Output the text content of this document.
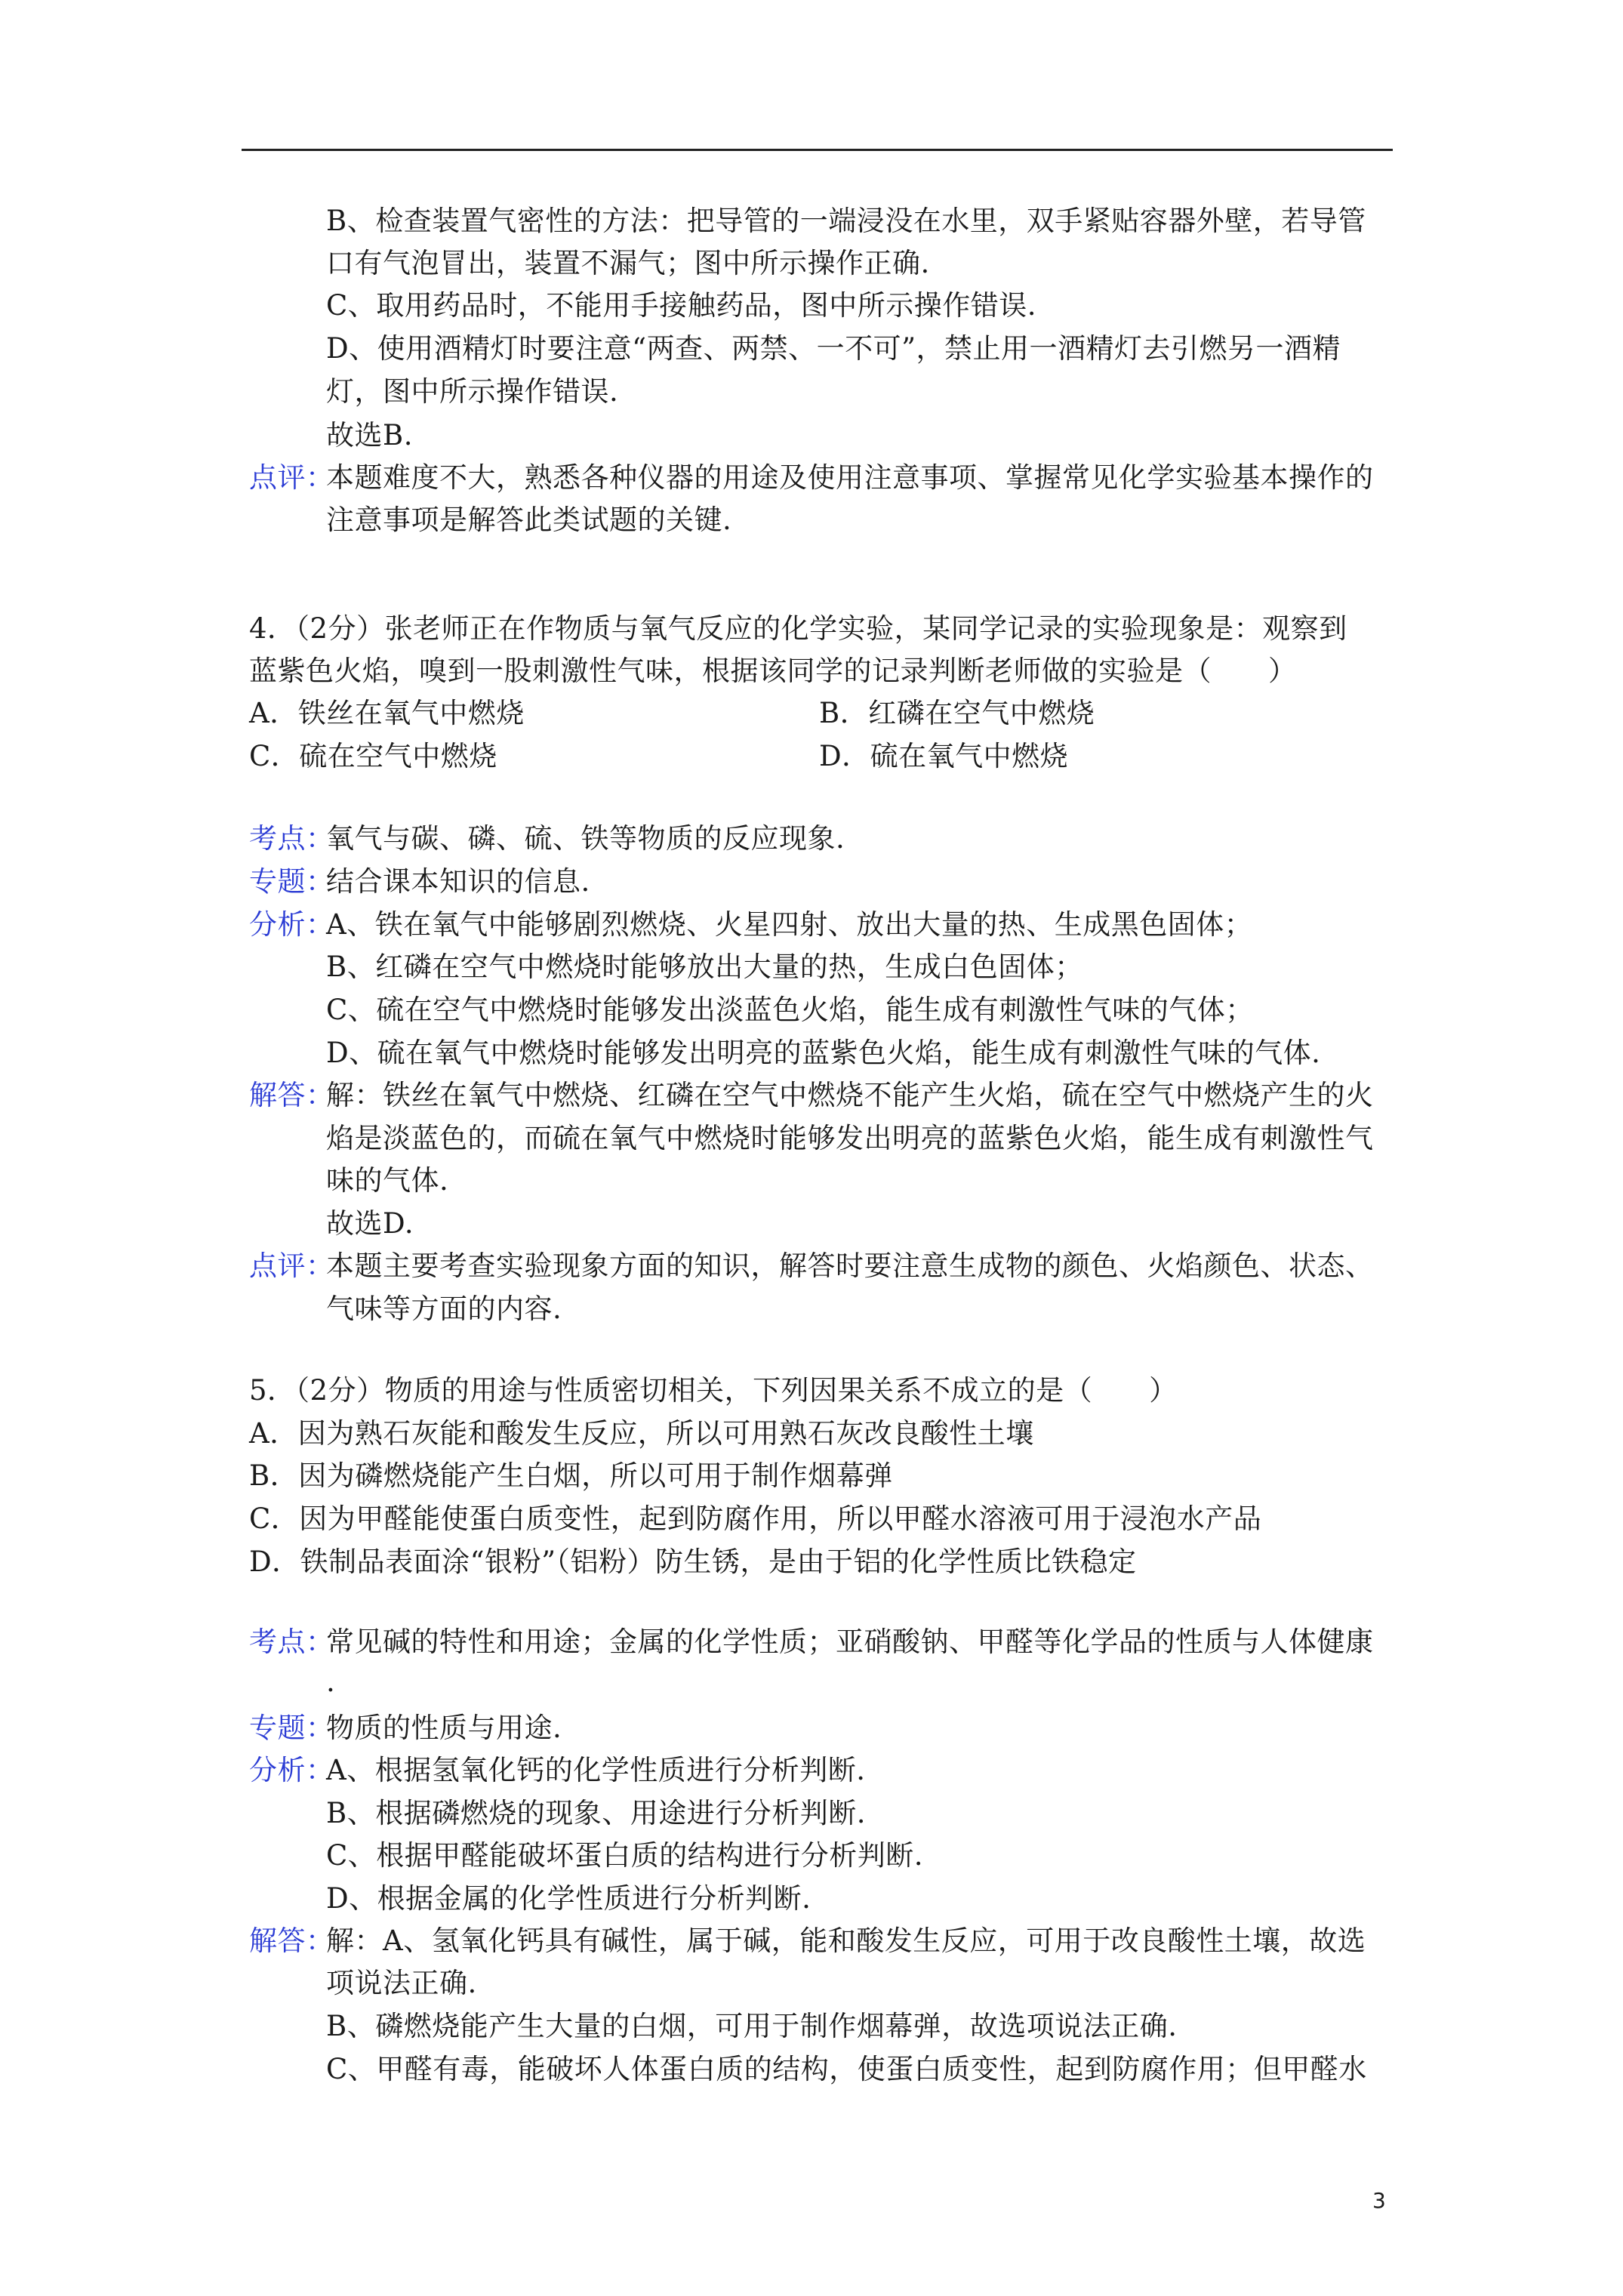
B、检查装置气密性的方法：把导管的一端浸没在水里，双手紧贴容器外壁，若导管
口有气泡冒出，装置不漏气；图中所示操作正确.
C、取用药品时，不能用手接触药品，图中所示操作错误.
D、使用酒精灯时要注意“两查、两禁、一不可”，禁止用一酒精灯去引燃另一酒精
灯，图中所示操作错误.
故选B.
点评：本题难度不大，熟悉各种仪器的用途及使用注意事项、掌握常见化学实验基本操作的
注意事项是解答此类试题的关键.
4．（2分）张老师正在作物质与氧气反应的化学实验，某同学记录的实验现象是：观察到
蓝紫色火焰，嗅到一股刺激性气味，根据该同学的记录判断老师做的实验是（　　）
A．铁丝在氧气中燃烧	B．红磷在空气中燃烧
C．硫在空气中燃烧	D．硫在氧气中燃烧
考点：氧气与碳、磷、硫、铁等物质的反应现象.
专题：结合课本知识的信息.
分析：A、铁在氧气中能够剧烈燃烧、火星四射、放出大量的热、生成黑色固体；
B、红磷在空气中燃烧时能够放出大量的热，生成白色固体；
C、硫在空气中燃烧时能够发出淡蓝色火焰，能生成有刺激性气味的气体；
D、硫在氧气中燃烧时能够发出明亮的蓝紫色火焰，能生成有刺激性气味的气体.
解答：解：铁丝在氧气中燃烧、红磷在空气中燃烧不能产生火焰，硫在空气中燃烧产生的火
焰是淡蓝色的，而硫在氧气中燃烧时能够发出明亮的蓝紫色火焰，能生成有刺激性气
味的气体.
故选D.
点评：本题主要考查实验现象方面的知识，解答时要注意生成物的颜色、火焰颜色、状态、
气味等方面的内容.
5．（2分）物质的用途与性质密切相关，下列因果关系不成立的是（　　）
A．因为熟石灰能和酸发生反应，所以可用熟石灰改良酸性土壤
B．因为磷燃烧能产生白烟，所以可用于制作烟幕弹
C．因为甲醛能使蛋白质变性，起到防腐作用，所以甲醛水溶液可用于浸泡水产品
D．铁制品表面涂“银粉”（铝粉）防生锈，是由于铝的化学性质比铁稳定
考点：常见碱的特性和用途；金属的化学性质；亚硝酸钠、甲醛等化学品的性质与人体健康
.
专题：物质的性质与用途.
分析：A、根据氢氧化钙的化学性质进行分析判断.
B、根据磷燃烧的现象、用途进行分析判断.
C、根据甲醛能破坏蛋白质的结构进行分析判断.
D、根据金属的化学性质进行分析判断.
解答：解：A、氢氧化钙具有碱性，属于碱，能和酸发生反应，可用于改良酸性土壤，故选
项说法正确.
B、磷燃烧能产生大量的白烟，可用于制作烟幕弹，故选项说法正确.
C、甲醛有毒，能破坏人体蛋白质的结构，使蛋白质变性，起到防腐作用；但甲醛水
3
